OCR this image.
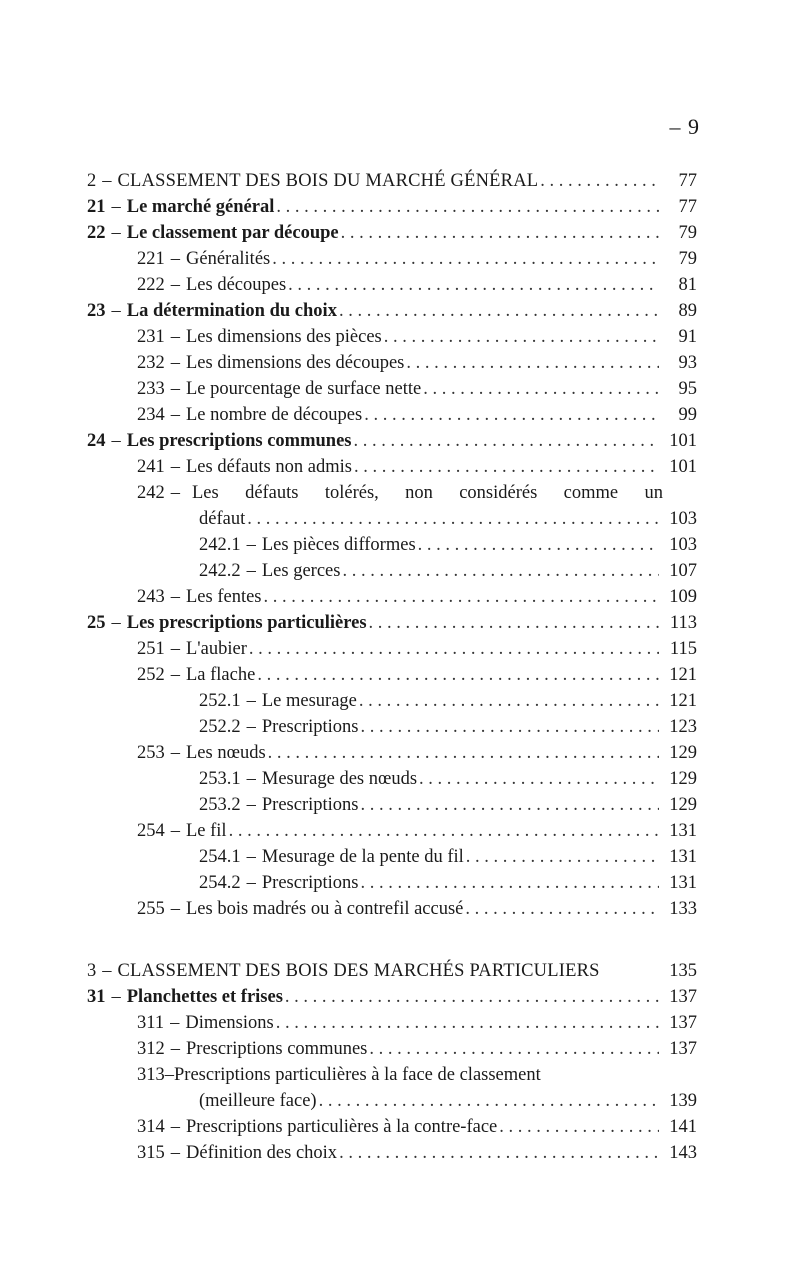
– 9
2 – CLASSEMENT DES BOIS DU MARCHÉ GÉNÉRAL . . .	77
21 – Le marché général . . .	77
22 – Le classement par découpe . . .	79
221 – Généralités . . .	79
222 – Les découpes . . .	81
23 – La détermination du choix . . .	89
231 – Les dimensions des pièces . . .	91
232 – Les dimensions des découpes . . .	93
233 – Le pourcentage de surface nette . . .	95
234 – Le nombre de découpes . . .	99
24 – Les prescriptions communes . . .	101
241 – Les défauts non admis . . .	101
242 – Les défauts tolérés, non considérés comme un
défaut . . .	103
242.1 – Les pièces difformes . . .	103
242.2 – Les gerces . . .	107
243 – Les fentes . . .	109
25 – Les prescriptions particulières . . .	113
251 – L'aubier . . .	115
252 – La flache . . .	121
252.1 – Le mesurage . . .	121
252.2 – Prescriptions . . .	123
253 – Les nœuds . . .	129
253.1 – Mesurage des nœuds . . .	129
253.2 – Prescriptions . . .	129
254 – Le fil . . .	131
254.1 – Mesurage de la pente du fil . . .	131
254.2 – Prescriptions . . .	131
255 – Les bois madrés ou à contrefil accusé . . .	133
3 – CLASSEMENT DES BOIS DES MARCHÉS PARTICULIERS	135
31 – Planchettes et frises . . .	137
311 – Dimensions . . .	137
312 – Prescriptions communes . . .	137
313 – Prescriptions particulières à la face de classement
(meilleure face) . . .	139
314 – Prescriptions particulières à la contre-face . . .	141
315 – Définition des choix . . .	143
